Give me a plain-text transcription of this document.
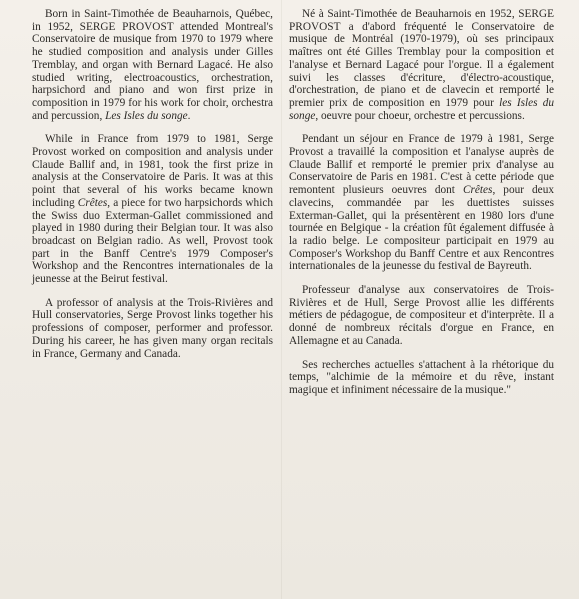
Born in Saint-Timothée de Beauharnois, Québec, in 1952, SERGE PROVOST attended Montreal's Conservatoire de musique from 1970 to 1979 where he studied composition and analysis under Gilles Tremblay, and organ with Bernard Lagacé. He also studied writing, electroacoustics, orchestration, harpsichord and piano and won first prize in composition in 1979 for his work for choir, orchestra and percussion, Les Isles du songe.

While in France from 1979 to 1981, Serge Provost worked on composition and analysis under Claude Ballif and, in 1981, took the first prize in analysis at the Conservatoire de Paris. It was at this point that several of his works became known including Crêtes, a piece for two harpsichords which the Swiss duo Exterman-Gallet commissioned and played in 1980 during their Belgian tour. It was also broadcast on Belgian radio. As well, Provost took part in the Banff Centre's 1979 Composer's Workshop and the Rencontres internationales de la jeunesse at the Beirut festival.

A professor of analysis at the Trois-Rivières and Hull conservatories, Serge Provost links together his professions of composer, performer and professor. During his career, he has given many organ recitals in France, Germany and Canada.

Né à Saint-Timothée de Beauharnois en 1952, SERGE PROVOST a d'abord fréquenté le Conservatoire de musique de Montréal (1970-1979), où ses principaux maîtres ont été Gilles Tremblay pour la composition et l'analyse et Bernard Lagacé pour l'orgue. Il a également suivi les classes d'écriture, d'électro-acoustique, d'orchestration, de piano et de clavecin et remporté le premier prix de composition en 1979 pour les Isles du songe, oeuvre pour choeur, orchestre et percussions.

Pendant un séjour en France de 1979 à 1981, Serge Provost a travaillé la composition et l'analyse auprès de Claude Ballif et remporté le premier prix d'analyse au Conservatoire de Paris en 1981. C'est à cette période que remontent plusieurs oeuvres dont Crêtes, pour deux clavecins, commandée par les duettistes suisses Exterman-Gallet, qui la présentèrent en 1980 lors d'une tournée en Belgique - la création fût également diffusée à la radio belge. Le compositeur participait en 1979 au Composer's Workshop du Banff Centre et aux Rencontres internationales de la jeunesse du festival de Bayreuth.

Professeur d'analyse aux conservatoires de Trois-Rivières et de Hull, Serge Provost allie les différents métiers de pédagogue, de compositeur et d'interprète. Il a donné de nombreux récitals d'orgue en France, en Allemagne et au Canada.

Ses recherches actuelles s'attachent à la rhétorique du temps, "alchimie de la mémoire et du rêve, instant magique et infiniment nécessaire de la musique."
